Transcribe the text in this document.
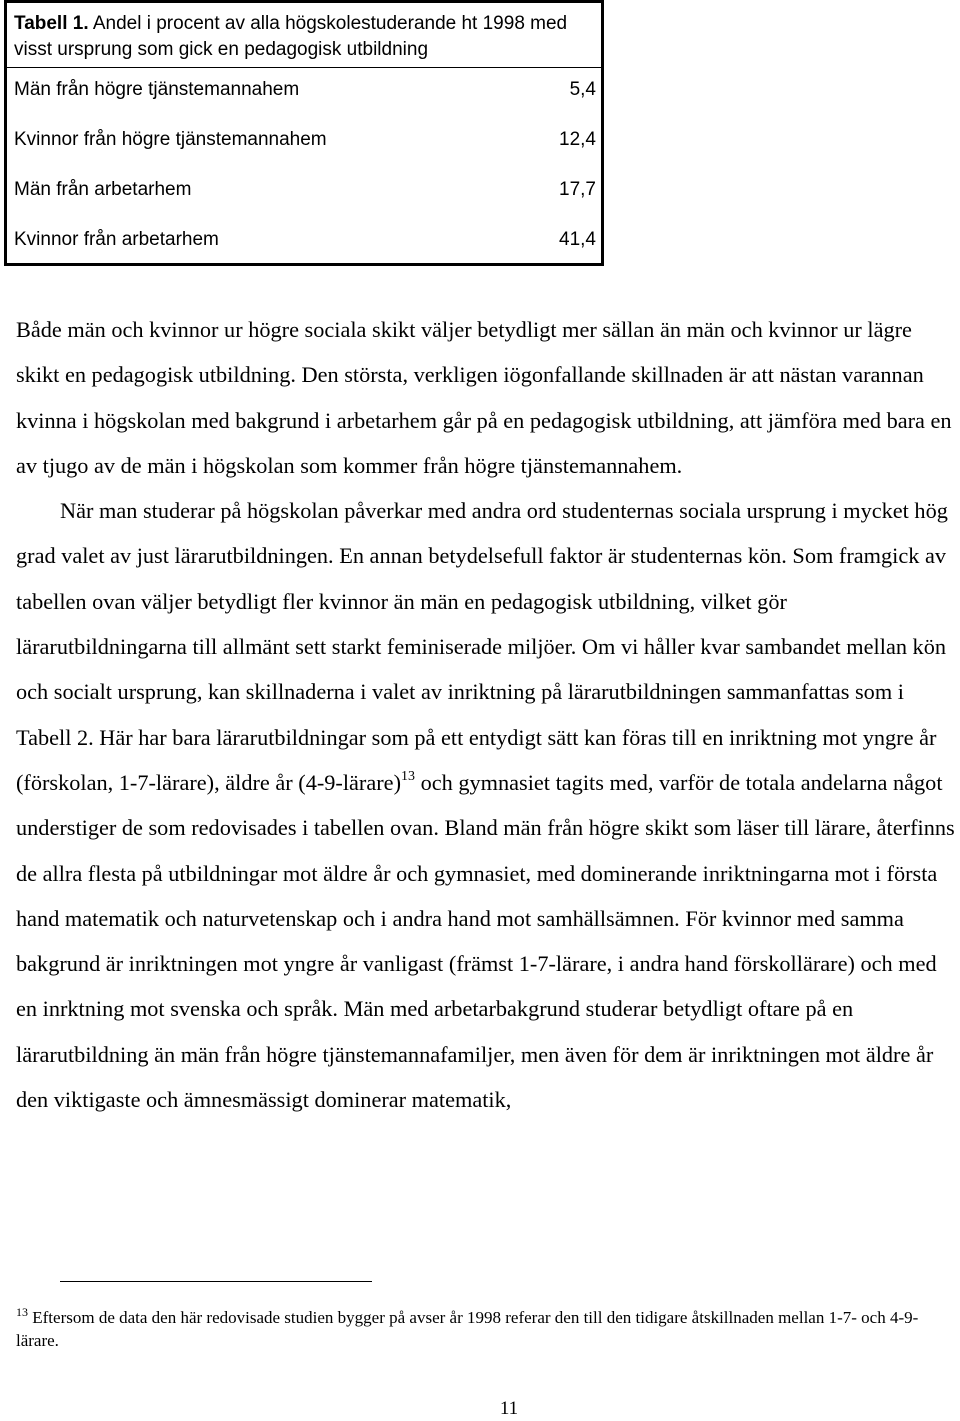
Tabell 1. Andel i procent av alla högskolestuderande ht 1998 med visst ursprung som gick en pedagogisk utbildning
Män från högre tjänstemannahem	5,4
Kvinnor från högre tjänstemannahem	12,4
Män från arbetarhem	17,7
Kvinnor från arbetarhem	41,4

Både män och kvinnor ur högre sociala skikt väljer betydligt mer sällan än män och kvinnor ur lägre skikt en pedagogisk utbildning. Den största, verkligen iögonfallande skillnaden är att nästan varannan kvinna i högskolan med bakgrund i arbetarhem går på en pedagogisk utbildning, att jämföra med bara en av tjugo av de män i högskolan som kommer från högre tjänstemannahem.

När man studerar på högskolan påverkar med andra ord studenternas sociala ursprung i mycket hög grad valet av just lärarutbildningen. En annan betydelsefull faktor är studenternas kön. Som framgick av tabellen ovan väljer betydligt fler kvinnor än män en pedagogisk utbildning, vilket gör lärarutbildningarna till allmänt sett starkt feminiserade miljöer. Om vi håller kvar sambandet mellan kön och socialt ursprung, kan skillnaderna i valet av inriktning på lärarutbildningen sammanfattas som i Tabell 2. Här har bara lärarutbildningar som på ett entydigt sätt kan föras till en inriktning mot yngre år (förskolan, 1-7-lärare), äldre år (4-9-lärare)$^{13}$ och gymnasiet tagits med, varför de totala andelarna något understiger de som redovisades i tabellen ovan. Bland män från högre skikt som läser till lärare, återfinns de allra flesta på utbildningar mot äldre år och gymnasiet, med dominerande inriktningarna mot i första hand matematik och naturvetenskap och i andra hand mot samhällsämnen. För kvinnor med samma bakgrund är inriktningen mot yngre år vanligast (främst 1-7-lärare, i andra hand förskollärare) och med en inrktning mot svenska och språk. Män med arbetarbakgrund studerar betydligt oftare på en lärarutbildning än män från högre tjänstemannafamiljer, men även för dem är inriktningen mot äldre år den viktigaste och ämnesmässigt dominerar matematik,

$^{13}$ Eftersom de data den här redovisade studien bygger på avser år 1998 referar den till den tidigare åtskillnaden mellan 1-7- och 4-9-lärare.
11
